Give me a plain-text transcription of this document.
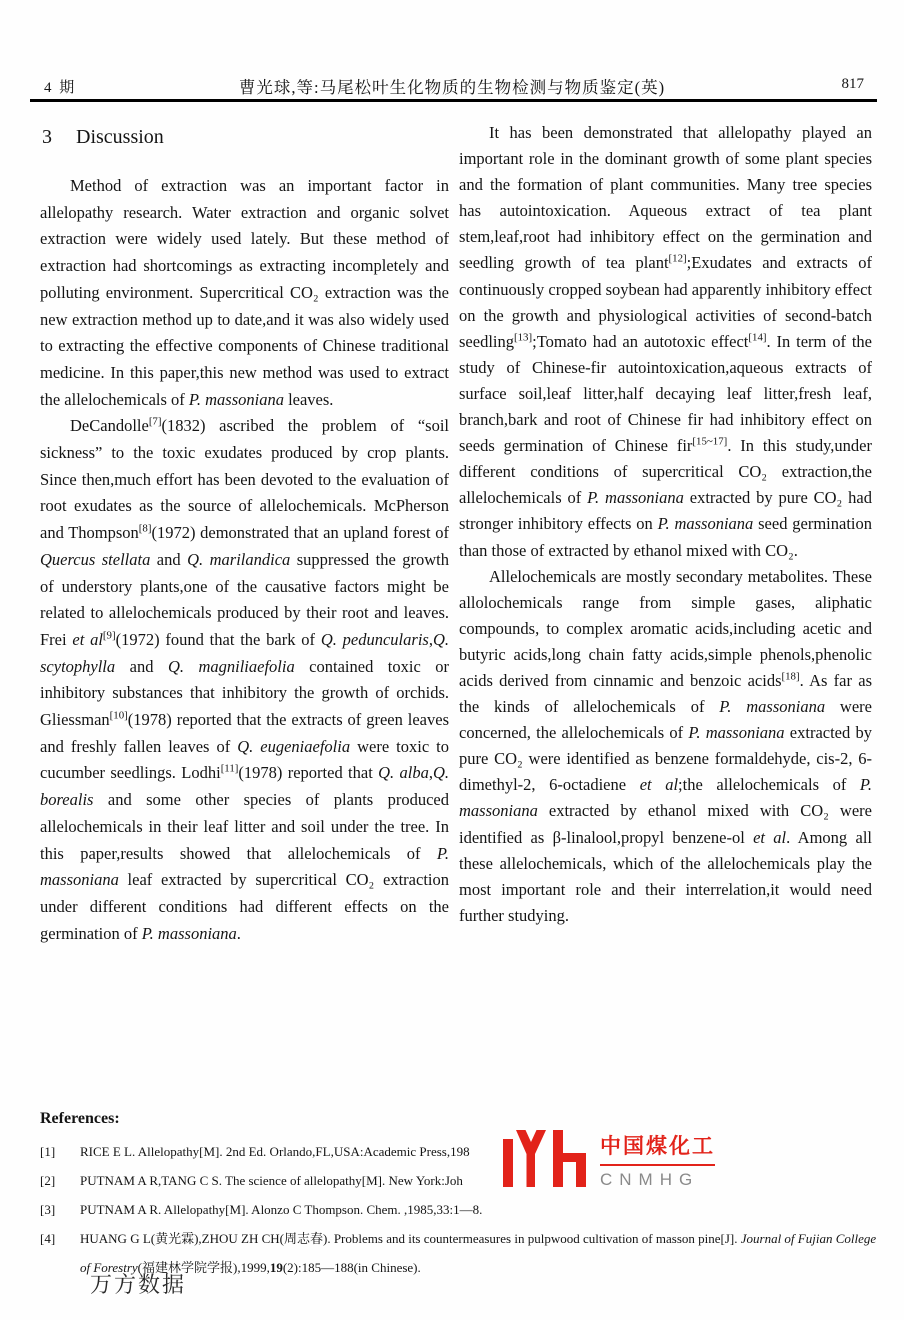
4 期	曹光球,等:马尾松叶生化物质的生物检测与物质鉴定(英)	817
3 Discussion

Method of extraction was an important factor in allelopathy research. Water extraction and organic solvet extraction were widely used lately. But these method of extraction had shortcomings as extracting incompletely and polluting environment. Supercritical CO₂ extraction was the new extraction method up to date,and it was also widely used to extracting the effective components of Chinese traditional medicine. In this paper,this new method was used to extract the allelochemicals of P. massoniana leaves.

DeCandolle[7](1832) ascribed the problem of “soil sickness” to the toxic exudates produced by crop plants. Since then,much effort has been devoted to the evaluation of root exudates as the source of allelochemicals. McPherson and Thompson[8](1972) demonstrated that an upland forest of Quercus stellata and Q. marilandica suppressed the growth of understory plants,one of the causative factors might be related to allelochemicals produced by their root and leaves. Frei et al[9](1972) found that the bark of Q. peduncularis,Q. scytophylla and Q. magniliaefolia contained toxic or inhibitory substances that inhibitory the growth of orchids. Gliessman[10](1978) reported that the extracts of green leaves and freshly fallen leaves of Q. eugeniaefolia were toxic to cucumber seedlings. Lodhi[11](1978) reported that Q. alba,Q. borealis and some other species of plants produced allelochemicals in their leaf litter and soil under the tree. In this paper,results showed that allelochemicals of P. massoniana leaf extracted by supercritical CO₂ extraction under different conditions had different effects on the germination of P. massoniana.

It has been demonstrated that allelopathy played an important role in the dominant growth of some plant species and the formation of plant communities. Many tree species has autointoxication. Aqueous extract of tea plant stem,leaf,root had inhibitory effect on the germination and seedling growth of tea plant[12];Exudates and extracts of continuously cropped soybean had apparently inhibitory effect on the growth and physiological activities of second-batch seedling[13];Tomato had an autotoxic effect[14]. In term of the study of Chinese-fir autointoxication,aqueous extracts of surface soil,leaf litter,half decaying leaf litter,fresh leaf, branch,bark and root of Chinese fir had inhibitory effect on seeds germination of Chinese fir[15~17]. In this study,under different conditions of supercritical CO₂ extraction,the allelochemicals of P. massoniana extracted by pure CO₂ had stronger inhibitory effects on P. massoniana seed germination than those of extracted by ethanol mixed with CO₂.

Allelochemicals are mostly secondary metabolites. These allolochemicals range from simple gases, aliphatic compounds, to complex aromatic acids,including acetic and butyric acids,long chain fatty acids,simple phenols,phenolic acids derived from cinnamic and benzoic acids[18]. As far as the kinds of allelochemicals of P. massoniana were concerned, the allelochemicals of P. massoniana extracted by pure CO₂ were identified as benzene formaldehyde, cis-2, 6-dimethyl-2, 6-octadiene et al;the allelochemicals of P. massoniana extracted by ethanol mixed with CO₂ were identified as β-linalool,propyl benzene-ol et al. Among all these allelochemicals, which of the allelochemicals play the most important role and their interrelation,it would need further studying.

References:

[1]	RICE E L. Allelopathy[M]. 2nd Ed. Orlando,FL,USA:Academic Press,198
[2]	PUTNAM A R,TANG C S. The science of allelopathy[M]. New York:Joh
[3]	PUTNAM A R. Allelopathy[M]. Alonzo C Thompson. Chem. ,1985,33:1—8.
[4]	HUANG G L(黄光霖),ZHOU ZH CH(周志春). Problems and its countermeasures in pulpwood cultivation of masson pine[J]. Journal of Fujian College of Forestry(福建林学院学报),1999,19(2):185—188(in Chinese).
中国煤化工
CNMHG
万方数据
